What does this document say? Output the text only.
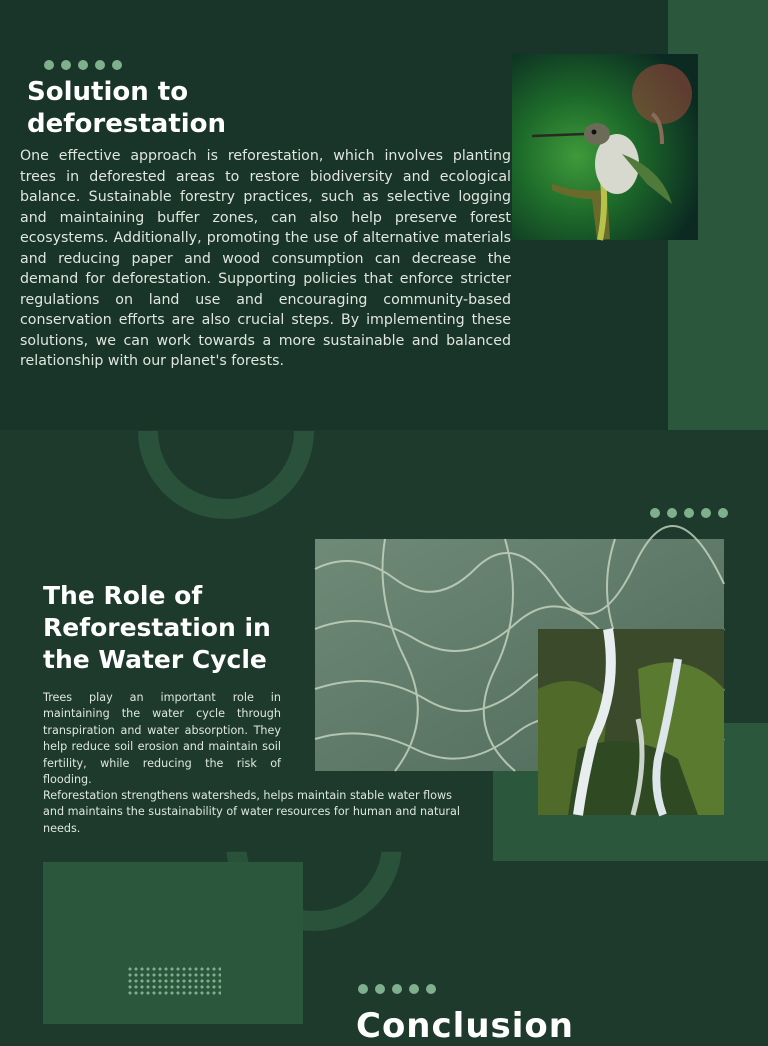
Solution to
deforestation

One effective approach is reforestation, which involves planting trees in deforested areas to restore biodiversity and ecological balance. Sustainable forestry practices, such as selective logging and maintaining buffer zones, can also help preserve forest ecosystems. Additionally, promoting the use of alternative materials and reducing paper and wood consumption can decrease the demand for deforestation. Supporting policies that enforce stricter regulations on land use and encouraging community-based conservation efforts are also crucial steps. By implementing these solutions, we can work towards a more sustainable and balanced relationship with our planet's forests.

The Role of
Reforestation in
the Water Cycle

Trees play an important role in maintaining the water cycle through transpiration and water absorption. They help reduce soil erosion and maintain soil fertility, while reducing the risk of flooding.

Reforestation strengthens watersheds, helps maintain stable water flows and maintains the sustainability of water resources for human and natural needs.

Conclusion
